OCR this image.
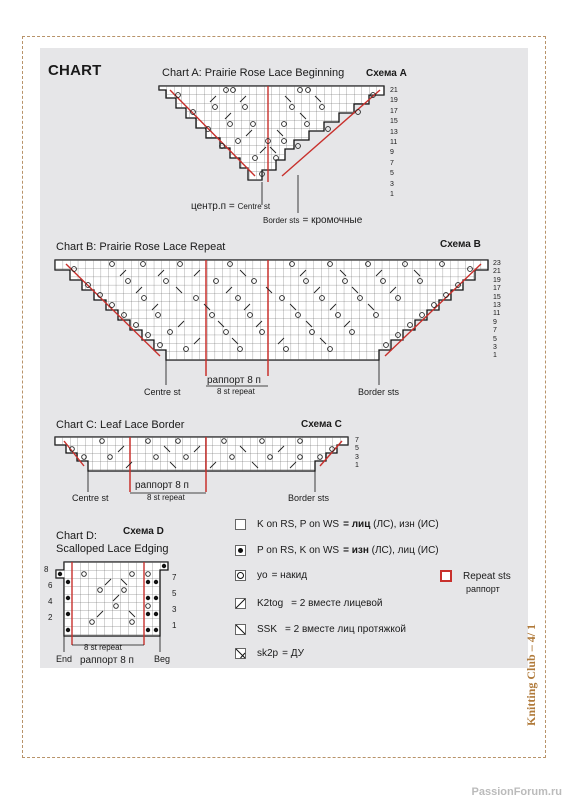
CHART	Chart A: Prairie Rose Lace Beginning Схема A
21
19
17
15
13
11
9
7
5
3
1
центр.п = Centre st
Border sts = кромочные
Chart B: Prairie Rose Lace Repeat	Схема B
23
21
19
17
15
13
11
9
7
5
3
1
Centre st
раппорт 8 п
8 st repeat	Border sts
Chart C: Leaf Lace Border	Схема C
7
5
3
1
Centre st
раппорт 8 п
8 st repeat	Border sts
Chart D:	Схема D
Scalloped Lace Edging
8
6
4
2
7
5
3
1
8 st repeat
раппорт 8 п
End	Beg
K on RS, P on WS = лиц (ЛС), изн (ИС)
P on RS, K on WS = изн (ЛС), лиц (ИС)
yo = накид
K2tog = 2 вместе лицевой
SSK = 2 вместе лиц протяжкой
sk2p = ДУ
Repeat sts
раппорт
Knitting Club – 4/ 1
PassionForum.ru
